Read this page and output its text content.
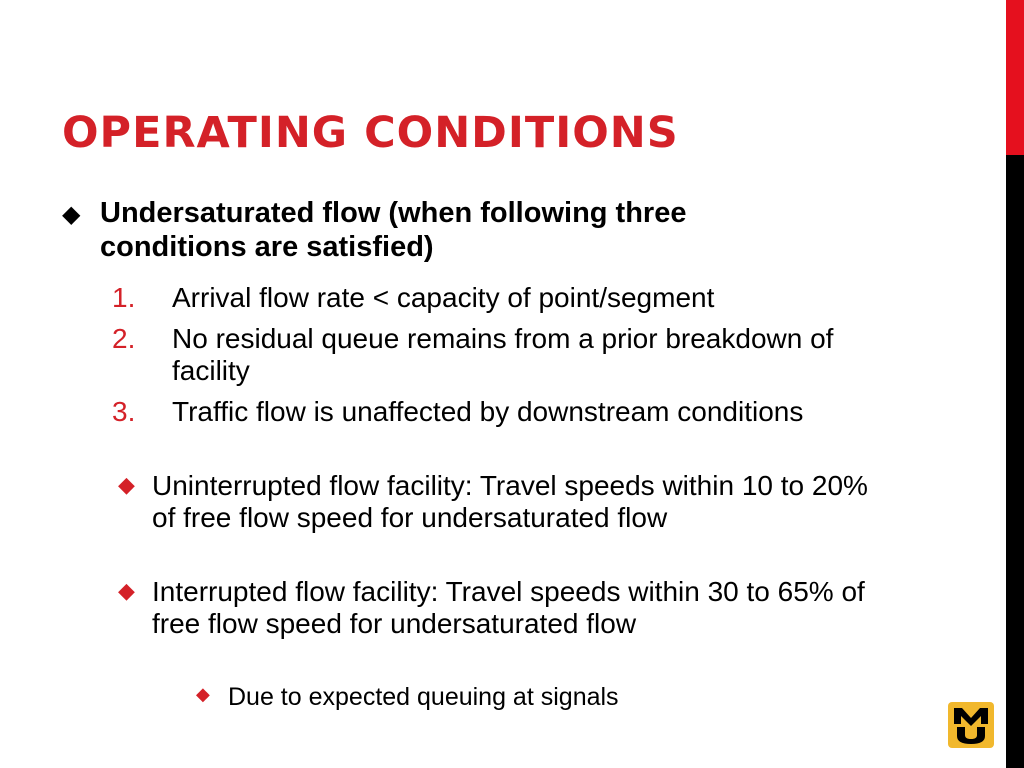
OPERATING CONDITIONS
◆ Undersaturated flow (when following three conditions are satisfied)
1. Arrival flow rate < capacity of point/segment
2. No residual queue remains from a prior breakdown of facility
3. Traffic flow is unaffected by downstream conditions
◆ Uninterrupted flow facility: Travel speeds within 10 to 20% of free flow speed for undersaturated flow
◆ Interrupted flow facility: Travel speeds within 30 to 65% of free flow speed for undersaturated flow
◆ Due to expected queuing at signals
